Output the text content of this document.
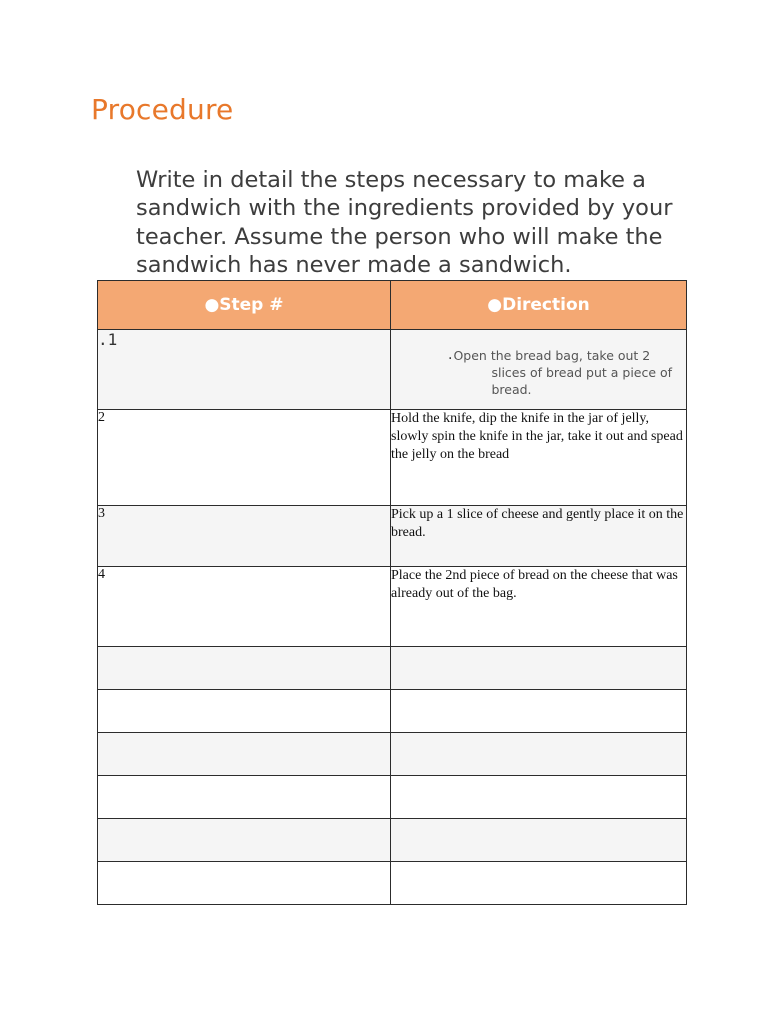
Procedure

Write in detail the steps necessary to make a sandwich with the ingredients provided by your teacher. Assume the person who will make the sandwich has never made a sandwich.

●Step #	●Direction
.1	. Open the bread bag, take out 2
slices of bread put a piece of bread.

2	Hold the knife, dip the knife in the jar of jelly, slowly spin the knife in the jar, take it out and spead the jelly on the bread
3	Pick up a 1 slice of cheese and gently place it on the bread.
4	Place the 2nd piece of bread on the cheese that was already out of the bag.
